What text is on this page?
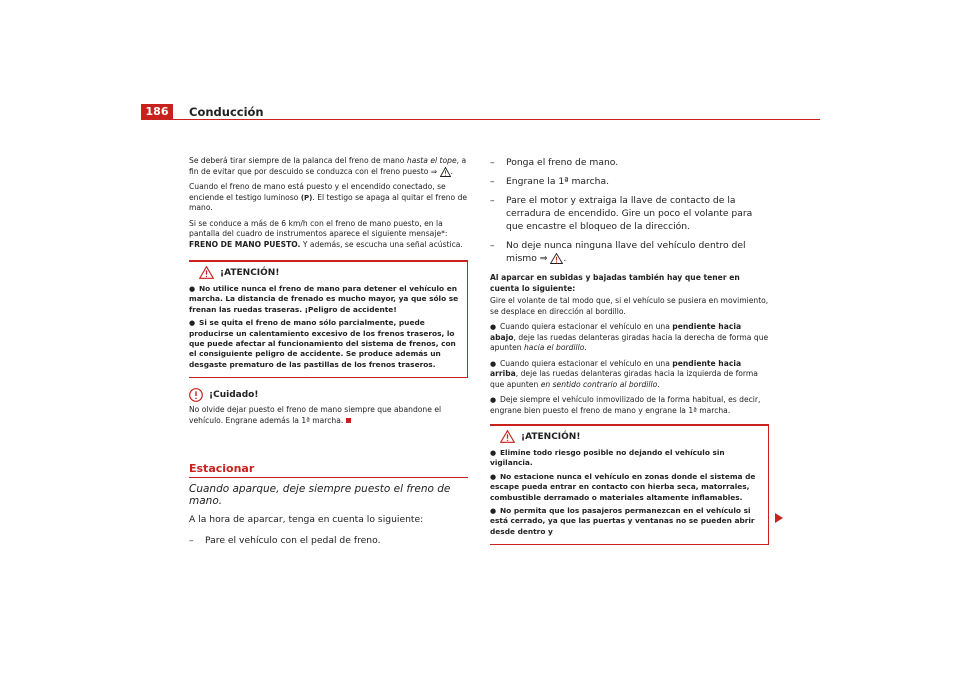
186	Conducción

Se deberá tirar siempre de la palanca del freno de mano hasta el tope, a fin de evitar que por descuido se conduzca con el freno puesto ⇒ .

Cuando el freno de mano está puesto y el encendido conectado, se enciende el testigo luminoso (P). El testigo se apaga al quitar el freno de mano.

Si se conduce a más de 6 km/h con el freno de mano puesto, en la pantalla del cuadro de instrumentos aparece el siguiente mensaje*: FRENO DE MANO PUESTO. Y además, se escucha una señal acústica.

¡ATENCIÓN!
● No utilice nunca el freno de mano para detener el vehículo en marcha. La distancia de frenado es mucho mayor, ya que sólo se frenan las ruedas traseras. ¡Peligro de accidente!
● Si se quita el freno de mano sólo parcialmente, puede producirse un calentamiento excesivo de los frenos traseros, lo que puede afectar al funcionamiento del sistema de frenos, con el consiguiente peligro de accidente. Se produce además un desgaste prematuro de las pastillas de los frenos traseros.
¡Cuidado!

No olvide dejar puesto el freno de mano siempre que abandone el vehículo. Engrane además la 1ª marcha.

Estacionar
Cuando aparque, deje siempre puesto el freno de mano.

A la hora de aparcar, tenga en cuenta lo siguiente:

–	Pare el vehículo con el pedal de freno.
–	Ponga el freno de mano.
–	Engrane la 1ª marcha.
–	Pare el motor y extraiga la llave de contacto de la cerradura de encendido. Gire un poco el volante para que encastre el bloqueo de la dirección.
–	No deje nunca ninguna llave del vehículo dentro del mismo ⇒ .
Al aparcar en subidas y bajadas también hay que tener en cuenta lo siguiente:

Gire el volante de tal modo que, si el vehículo se pusiera en movimiento, se desplace en dirección al bordillo.

● Cuando quiera estacionar el vehículo en una pendiente hacia abajo, deje las ruedas delanteras giradas hacia la derecha de forma que apunten hacia el bordillo.

● Cuando quiera estacionar el vehículo en una pendiente hacia arriba, deje las ruedas delanteras giradas hacia la izquierda de forma que apunten en sentido contrario al bordillo.

● Deje siempre el vehículo inmovilizado de la forma habitual, es decir, engrane bien puesto el freno de mano y engrane la 1ª marcha.

¡ATENCIÓN!
● Elimine todo riesgo posible no dejando el vehículo sin vigilancia.
● No estacione nunca el vehículo en zonas donde el sistema de escape pueda entrar en contacto con hierba seca, matorrales, combustible derramado o materiales altamente inflamables.
● No permita que los pasajeros permanezcan en el vehículo si está cerrado, ya que las puertas y ventanas no se pueden abrir desde dentro y
